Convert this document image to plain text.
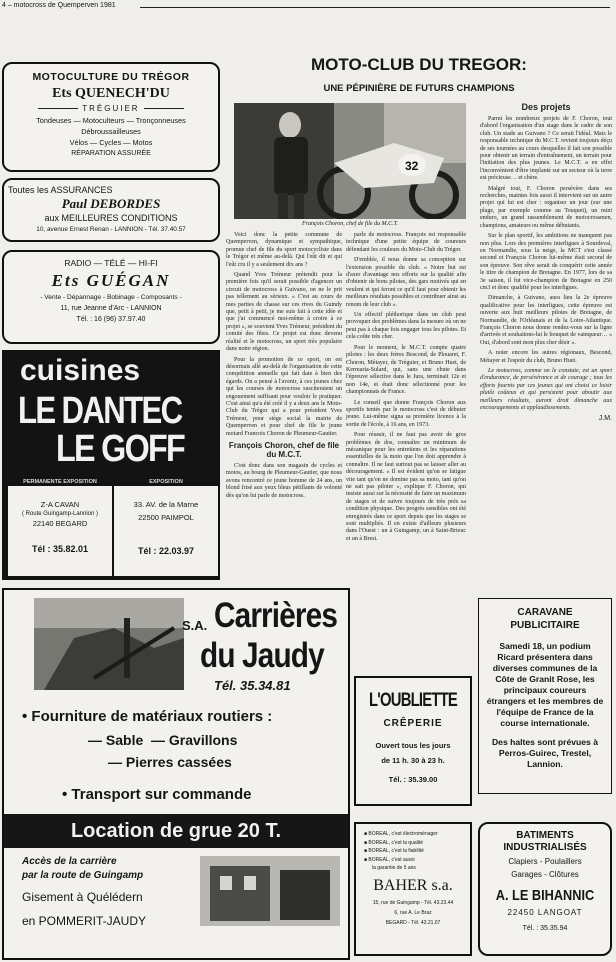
4 – motocross de Quemperven 1981
MOTOCULTURE DU TRÉGOR
Ets QUENECH'DU
TRÉGUIER
Tondeuses — Motoculteurs — Tronçonneuses
Débroussailleuses
Vélos — Cycles — Motos
RÉPARATION ASSURÉE
Toutes les ASSURANCES
Paul DEBORDES
aux MEILLEURES CONDITIONS
10, avenue Ernest Renan - LANNION - Tél. 37.40.57
RADIO — TÉLÉ — HI-FI
Ets GUÉGAN
- Vente - Dépannage - Bobinage - Composants -
11, rue Jeanne d'Arc - LANNION
Tél. : 16 (96) 37.97.40
cuisines
LE DANTEC
LE GOFF
PERMANENTE EXPOSITION
Z-A CAVAN
( Route Guingamp-Lannion )
22140 BEGARD
Tél : 35.82.01
EXPOSITION
33. AV. de la Marne
22500 PAIMPOL
Tél : 22.03.97
MOTO-CLUB DU TREGOR:
UNE PÉPINIÈRE DE FUTURS CHAMPIONS
32
François Choron, chef de file du M.C.T.

Voici donc la petite commune de Quemperven, dynamique et sympathique, promue chef de file du sport motocycliste dans le Trégor et même au-delà. Qui l'eût dit et qui l'eût cru il y a seulement dix ans ?

Quand Yves Trémeur prétendit pour la première fois qu'il serait possible d'agencer un circuit de motocross à Guivano, on ne le prit pas tellement au sérieux. « C'est au cours de mes parties de chasse sur ces rives du Guindy que, petit à petit, je me suis fait à cette idée et que j'ai commencé moi-même à croire à ce projet », se souvient Yves Trémeur, président du comité des fêtes. Ce projet est donc devenu réalité et le motocross, un sport très populaire dans notre région.

Pour la promotion de ce sport, on est désormais allé au-delà de l'organisation de cette compétition annuelle qui fait date à bien des égards. On a pensé à l'avenir, à ces jeunes chez qui les courses de motocross susciteraient un engouement suffisant pour vouloir le pratiquer. C'est ainsi qu'a été créé il y a deux ans le Moto-Club du Trégor qui a pour président Yves Trémeur, pour siège social la mairie de Quemperven et pour chef de file le jeune motard Francois Choron de Pleumeur-Gautier.

François Choron, chef de file du M.C.T.

C'est donc dans son magasin de cycles et motos, au bourg de Pleumeur-Gautier, que nous avons rencontré ce jeune homme de 24 ans, un blond frisé aux yeux bleus pétillants de volonté dès qu'on lui parle de motocross.

parle de motocross. François est responsable technique d'une petite équipe de coureurs défendant les couleurs du Moto-Club du Trégor.

D'emblée, il nous donne sa conception sur l'extension possible du club. « Notre but est d'axer d'avantage nos efforts sur la qualité afin d'obtenir de bons pilotes, des gars motivés qui en veulent et qui feront ce qu'il faut pour obtenir les meilleurs résultats possibles et contribuer ainsi au renom de leur club ».

Un effectif pléthorique dans un club peut provoquer des problèmes dans la mesure où on ne peut pas à chaque fois engager tous les pilotes. Et cela coûte très cher.

Pour le moment, le M.C.T. compte quatre pilotes : les deux frères Bescond, de Plouaret, F. Choron, Métayer, de Tréguier, et Bruno Huet, de Kermaria-Sulard, qui, sans une chute dans l'épreuve sélective dans le Jura, terminait 12e et non 14e, et était donc sélectionné pour les championnats de France.

Le conseil que donne François Choron aux sportifs tentés par le motocross c'est de débuter jeune. Lui-même signa sa première licence à la sortie de l'école, à 16 ans, en 1973.

Pour réussir, il ne faut pas avoir de gros problèmes de dos, connaître un minimum de mécanique pour les entretiens et les réparations essentielles de la moto que l'on doit apprendre à connaître. Il ne faut surtout pas se laisser aller au découragement. « Il est évident qu'on se fatigue vite tant qu'on ne domine pas sa moto, tant qu'on ne sait pas piloter », explique F. Choron, qui insiste aussi sur la nécessité de faire un maximum de stages et de suivre toujours de très près sa condition physique. Des progrès sensibles ont été enregistrés dans ce sport depuis que les stages se sont multipliés. Il en existe d'ailleurs plusieurs dans l'Ouest : un à Guingamp, un à Saint-Brieuc et un à Brest.

Des projets

Parmi les nombreux projets de F. Choron, tout d'abord l'organisation d'un stage dans le cadre de son club. Un stade au Guivano ? Ce serait l'idéal. Mais le responsable technique du M.C.T. revient toujours déçu de ses tournées au cours desquelles il fait son possible pour obtenir un terrain d'entraînement, un terrain pour l'initiation des plus jeunes. Le M.C.T. a en effet l'inconvénient d'être implanté sur un secteur où la terre est précieuse… et chère.

Malgré tout, F. Choron persévère dans ses recherches, maintes fois aussi il intervient sur un autre projet qui lui est cher : organiser un jour (sur une plage, par exemple comme au Touquet), un mini enduro, un grand rassemblement de motocrossmen, champions, amateurs ou même débutants.

Sur le plan sportif, les ambitions ne manquent pas non plus. Lors des premières interligues à Sourdeval, en Normandie, sous la neige, la MCT s'est classé second et François Choron lui-même était second de son épreuve. Son rêve serait de conquérir cette année le titre de champion de Bretagne. En 1977, lors de sa 3e saison, il fut vice-champion de Bretagne en 250 cm3 et donc qualifié pour les interligues.

Dimanche, à Guivano, aura lieu la 2e épreuve qualificative pour les interligues, cette épreuve est ouverte aux huit meilleurs pilotes de Bretagne, de Normandie, de l'Orléanais et de la Loire-Atlantique. François Choron nous donne rendez-vous sur la ligne d'arrivée et souhaitons-lui le bouquet de vainqueur… « Oui, d'abord sont mon plus cher désir ».

A noter encore les autres régionaux, Bescond, Métayer et l'espoir du club, Bruno Huet.

Le motocross, comme on le constate, est un sport d'endurance, de persévérance et de courage ; tous les efforts fournis par ces jeunes qui ont choisi ce loisir plutôt coûteux et qui persistent pour aboutir aux meilleurs résultats, auront droit dimanche aux encouragements et applaudissements.

J.M.
S.A. Carrières
du Jaudy
Tél. 35.34.81
• Fourniture de matériaux routiers :
— Sable  — Gravillons
— Pierres cassées
• Transport sur commande
Location de grue 20 T.
Accès de la carrière
par la route de Guingamp
Gisement à Quélédern
en POMMERIT-JAUDY
L'OUBLIETTE
CRÊPERIE
Ouvert tous les jours
de 11 h. 30 à 23 h.
Tél. : 35.39.00
■ BOREAL, c'est électroménager
■ BOREAL, c'est la qualité
■ BOREAL, c'est la fiabilité
■ BOREAL, c'est aussi
la garantie de 5 ans
BAHER s.a.
15, rue de Guingamp - Tél. 43.23.44
6, rue A. Le Braz
BEGARD - Tél. 43.21.07
CARAVANE
PUBLICITAIRE
Samedi 18, un podium Ricard présentera dans diverses communes de la Côte de Granit Rose, les principaux coureurs étrangers et les membres de l'équipe de France de la course internationale.
Des haltes sont prévues à Perros-Guirec, Trestel, Lannion.
BATIMENTS
INDUSTRIALISÉS
Clapiers - Poulaillers
Garages - Clôtures
A. LE BIHANNIC
22450 LANGOAT
Tél. : 35.35.94
